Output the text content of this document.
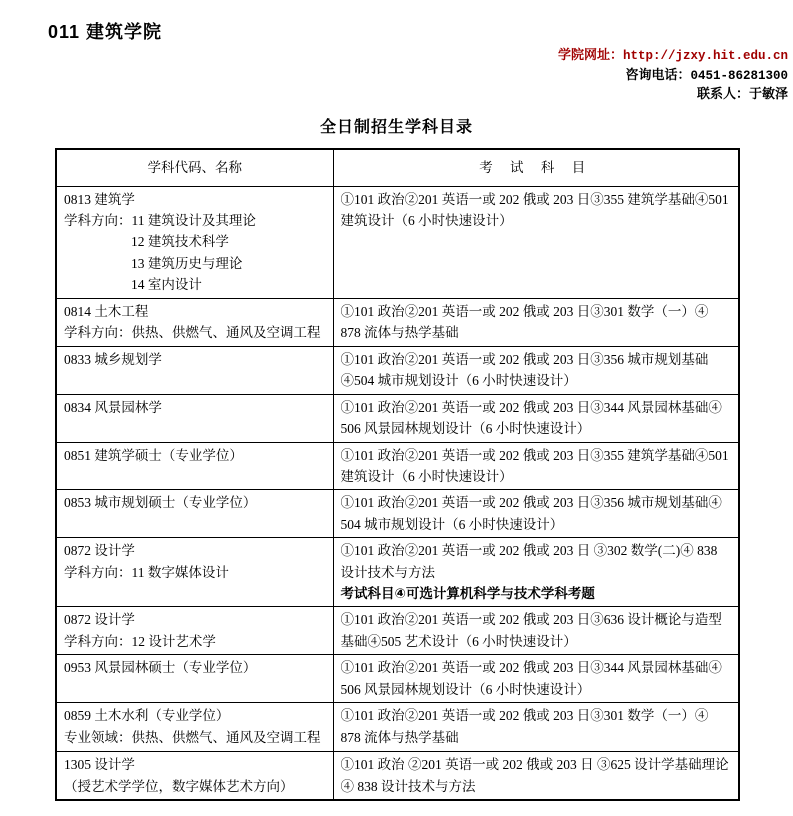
011 建筑学院
学院网址：http://jzxy.hit.edu.cn
咨询电话：0451-86281300
联系人：于敏泽
全日制招生学科目录
学科代码、名称	考 试 科 目

0813 建筑学
学科方向：11 建筑设计及其理论
12 建筑技术科学
13 建筑历史与理论
14 室内设计	①101 政治②201 英语一或 202 俄或 203 日③355 建筑学基础④501 建筑设计（6 小时快速设计）

0814 土木工程
学科方向：供热、供燃气、通风及空调工程	①101 政治②201 英语一或 202 俄或 203 日③301 数学（一）④ 878 流体与热学基础

0833 城乡规划学	①101 政治②201 英语一或 202 俄或 203 日③356 城市规划基础④504 城市规划设计（6 小时快速设计）

0834 风景园林学	①101 政治②201 英语一或 202 俄或 203 日③344 风景园林基础④ 506 风景园林规划设计（6 小时快速设计）

0851 建筑学硕士（专业学位）	①101 政治②201 英语一或 202 俄或 203 日③355 建筑学基础④501 建筑设计（6 小时快速设计）

0853 城市规划硕士（专业学位）	①101 政治②201 英语一或 202 俄或 203 日③356 城市规划基础④ 504 城市规划设计（6 小时快速设计）

0872 设计学
学科方向：11 数字媒体设计
	①101 政治②201 英语一或 202 俄或 203 日 ③302 数学(二)④ 838 设计技术与方法
考试科目④可选计算机科学与技术学科考题

0872 设计学
学科方向：12 设计艺术学	①101 政治②201 英语一或 202 俄或 203 日③636 设计概论与造型基础④505 艺术设计（6 小时快速设计）

0953 风景园林硕士（专业学位）	①101 政治②201 英语一或 202 俄或 203 日③344 风景园林基础④ 506 风景园林规划设计（6 小时快速设计）

0859 土木水利（专业学位）
专业领域：供热、供燃气、通风及空调工程	①101 政治②201 英语一或 202 俄或 203 日③301 数学（一）④ 878 流体与热学基础

1305 设计学
（授艺术学学位，数字媒体艺术方向）	①101 政治 ②201 英语一或 202 俄或 203 日 ③625 设计学基础理论④ 838 设计技术与方法
